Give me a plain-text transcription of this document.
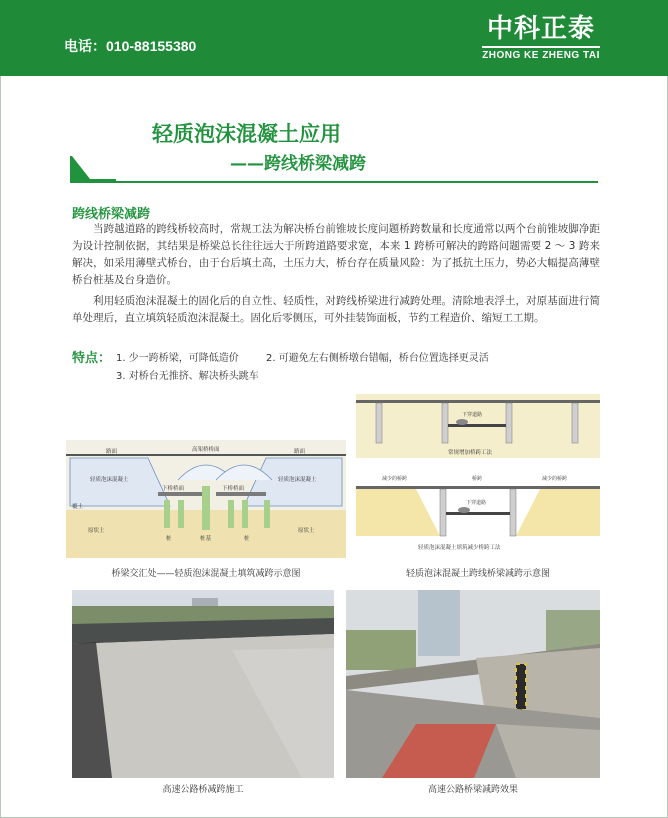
电话：010-88155380
中科正泰
ZHONG KE ZHENG TAI
轻质泡沫混凝土应用
——跨线桥梁减跨
跨线桥梁减跨
当跨越道路的跨线桥较高时，常规工法为解决桥台前锥坡长度问题桥跨数量和长度通常以两个台前锥坡脚净距为设计控制依据，其结果是桥梁总长往往远大于所跨道路要求宽，本来 1 跨桥可解决的跨路问题需要 2 ～ 3 跨来解决，如采用薄壁式桥台，由于台后填土高，土压力大，桥台存在质量风险：为了抵抗土压力，势必大幅提高薄壁桥台桩基及台身造价。
利用轻质泡沫混凝土的固化后的自立性、轻质性，对跨线桥梁进行减跨处理。清除地表浮土，对原基面进行简单处理后，直立填筑轻质泡沫混凝土。固化后零侧压，可外挂装饰面板，节约工程造价、缩短工工期。
特点： 1. 少一跨桥梁，可降低造价	2. 可避免左右侧桥墩台错幅，桥台位置选择更灵活
3. 对桥台无推挤、解决桥头跳车
路面	高架桥桥面	路面
轻质泡沫混凝土	轻质泡沫混凝土
下桥桥面	下桥桥面
覆土
原状土	原状土
桩	桩基	桩
桥梁交汇处——轻质泡沫混凝土填筑减跨示意图
下穿道路
常规增加桥跨工法
减少的桥跨	桥跨	减少的桥跨
下穿道路
轻质泡沫混凝土填筑减少桥跨工法
轻质泡沫混凝土跨线桥梁减跨示意图
高速公路桥减跨施工	高速公路桥梁减跨效果
